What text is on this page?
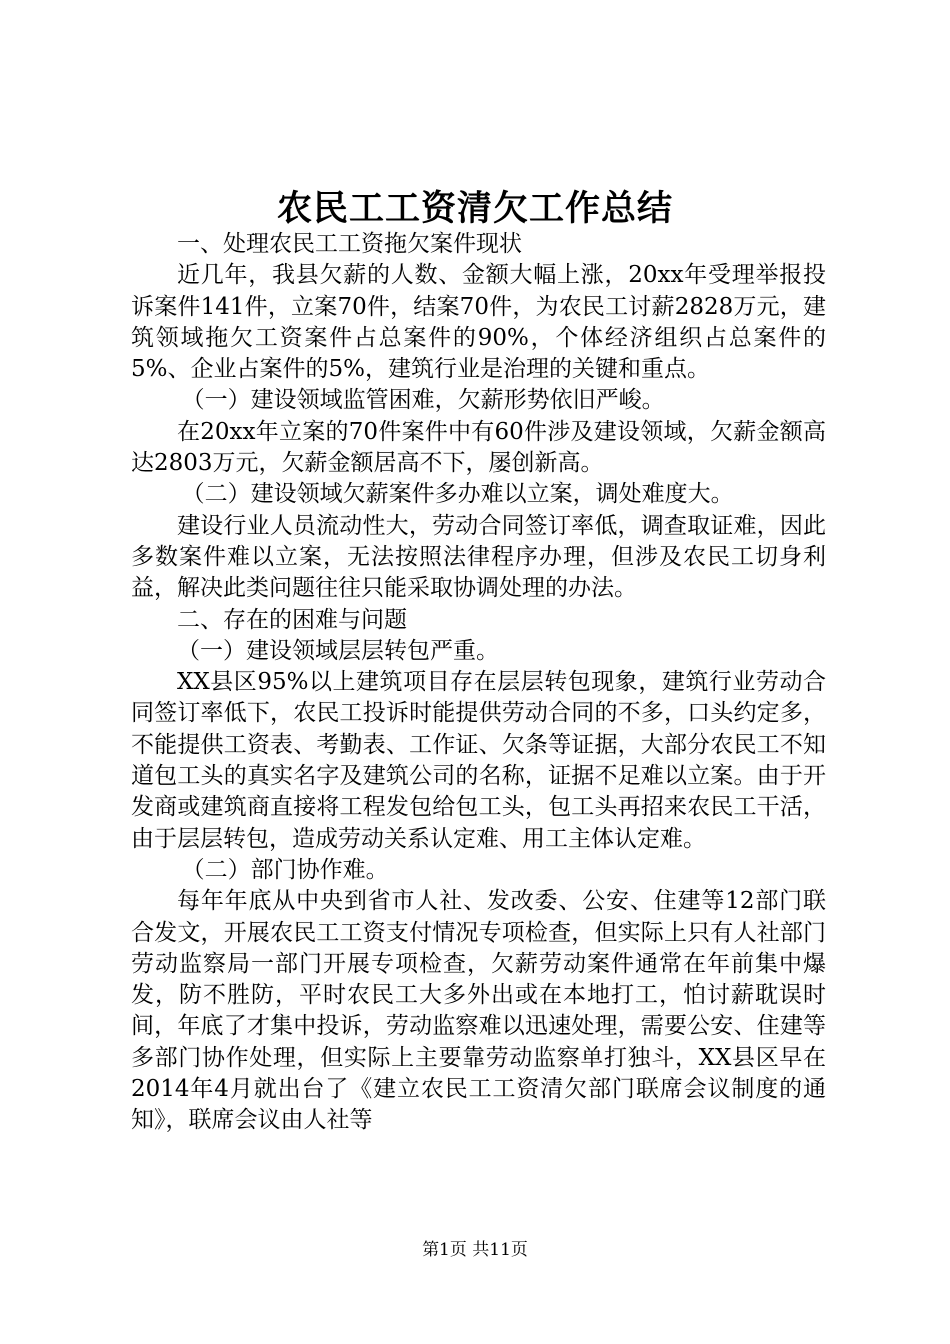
农民工工资清欠工作总结

一、处理农民工工资拖欠案件现状

近几年，我县欠薪的人数、金额大幅上涨，20xx年受理举报投诉案件141件，立案70件，结案70件，为农民工讨薪2828万元，建筑领域拖欠工资案件占总案件的90%，个体经济组织占总案件的5%、企业占案件的5%，建筑行业是治理的关键和重点。

（一）建设领域监管困难，欠薪形势依旧严峻。

在20xx年立案的70件案件中有60件涉及建设领域，欠薪金额高达2803万元，欠薪金额居高不下，屡创新高。

（二）建设领域欠薪案件多办难以立案，调处难度大。

建设行业人员流动性大，劳动合同签订率低，调查取证难，因此多数案件难以立案，无法按照法律程序办理，但涉及农民工切身利益，解决此类问题往往只能采取协调处理的办法。

二、存在的困难与问题

（一）建设领域层层转包严重。

XX县区95%以上建筑项目存在层层转包现象，建筑行业劳动合同签订率低下，农民工投诉时能提供劳动合同的不多，口头约定多，不能提供工资表、考勤表、工作证、欠条等证据，大部分农民工不知道包工头的真实名字及建筑公司的名称，证据不足难以立案。由于开发商或建筑商直接将工程发包给包工头，包工头再招来农民工干活，由于层层转包，造成劳动关系认定难、用工主体认定难。

（二）部门协作难。

每年年底从中央到省市人社、发改委、公安、住建等12部门联合发文，开展农民工工资支付情况专项检查，但实际上只有人社部门劳动监察局一部门开展专项检查，欠薪劳动案件通常在年前集中爆发，防不胜防，平时农民工大多外出或在本地打工，怕讨薪耽误时间，年底了才集中投诉，劳动监察难以迅速处理，需要公安、住建等多部门协作处理，但实际上主要靠劳动监察单打独斗，XX县区早在2014年4月就出台了《建立农民工工资清欠部门联席会议制度的通知》，联席会议由人社等

第1页 共11页
